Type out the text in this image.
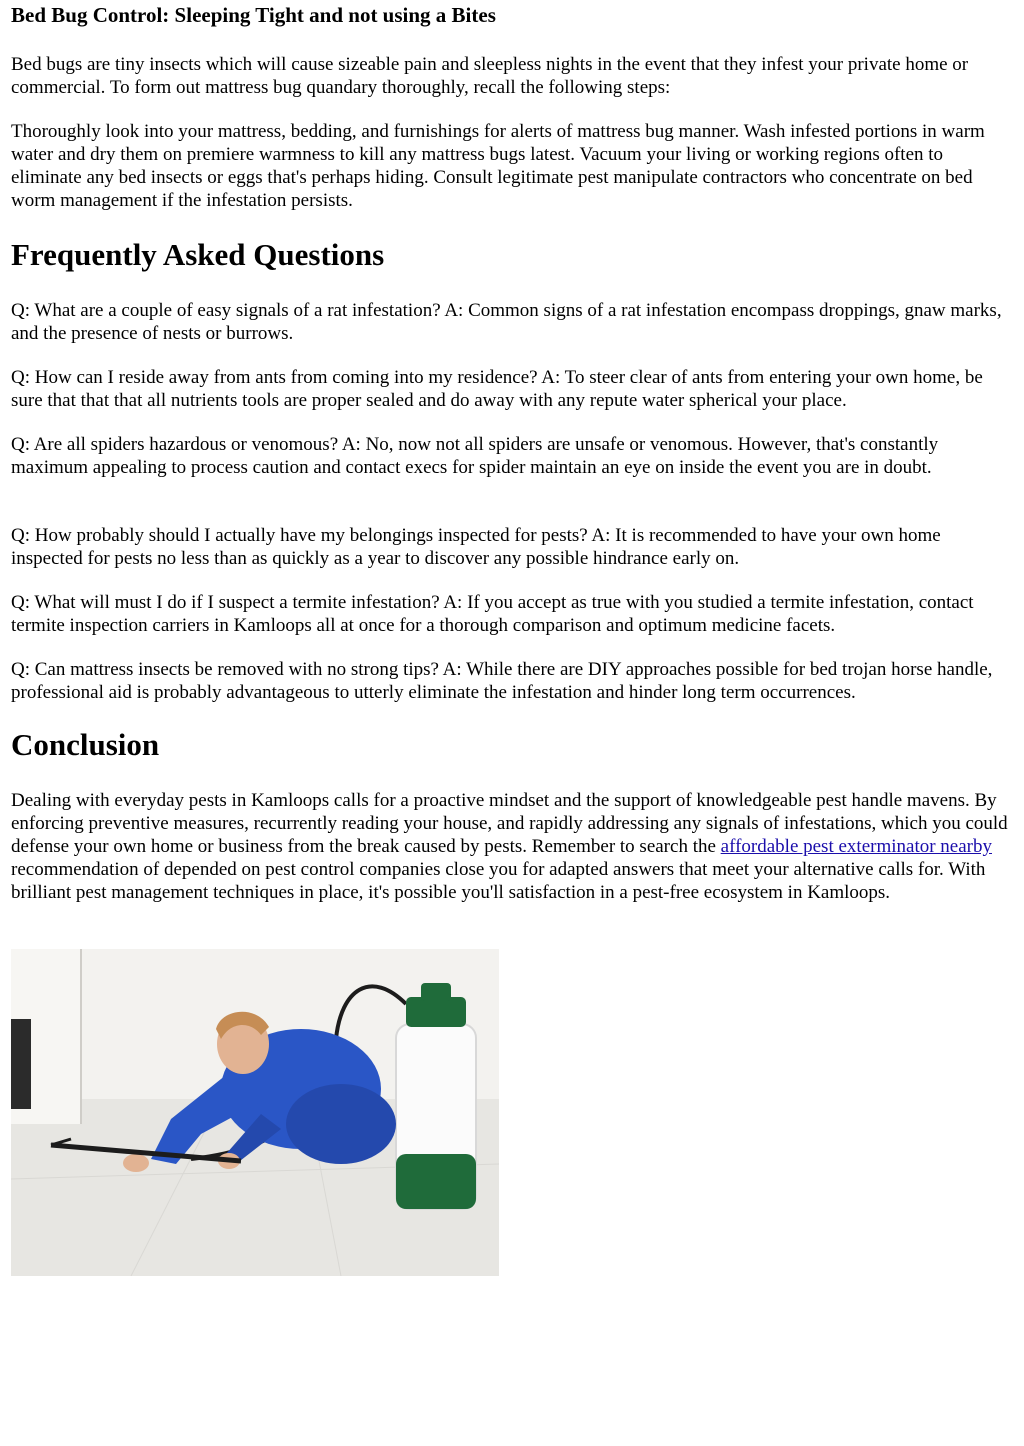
Bed Bug Control: Sleeping Tight and not using a Bites

Bed bugs are tiny insects which will cause sizeable pain and sleepless nights in the event that they infest your private home or commercial. To form out mattress bug quandary thoroughly, recall the following steps:

Thoroughly look into your mattress, bedding, and furnishings for alerts of mattress bug manner. Wash infested portions in warm water and dry them on premiere warmness to kill any mattress bugs latest. Vacuum your living or working regions often to eliminate any bed insects or eggs that's perhaps hiding. Consult legitimate pest manipulate contractors who concentrate on bed worm management if the infestation persists.

Frequently Asked Questions

Q: What are a couple of easy signals of a rat infestation? A: Common signs of a rat infestation encompass droppings, gnaw marks, and the presence of nests or burrows.

Q: How can I reside away from ants from coming into my residence? A: To steer clear of ants from entering your own home, be sure that that that all nutrients tools are proper sealed and do away with any repute water spherical your place.

Q: Are all spiders hazardous or venomous? A: No, now not all spiders are unsafe or venomous. However, that's constantly maximum appealing to process caution and contact execs for spider maintain an eye on inside the event you are in doubt.

Q: How probably should I actually have my belongings inspected for pests? A: It is recommended to have your own home inspected for pests no less than as quickly as a year to discover any possible hindrance early on.

Q: What will must I do if I suspect a termite infestation? A: If you accept as true with you studied a termite infestation, contact termite inspection carriers in Kamloops all at once for a thorough comparison and optimum medicine facets.

Q: Can mattress insects be removed with no strong tips? A: While there are DIY approaches possible for bed trojan horse handle, professional aid is probably advantageous to utterly eliminate the infestation and hinder long term occurrences.

Conclusion

Dealing with everyday pests in Kamloops calls for a proactive mindset and the support of knowledgeable pest handle mavens. By enforcing preventive measures, recurrently reading your house, and rapidly addressing any signals of infestations, which you could defense your own home or business from the break caused by pests. Remember to search the affordable pest exterminator nearby recommendation of depended on pest control companies close you for adapted answers that meet your alternative calls for. With brilliant pest management techniques in place, it's possible you'll satisfaction in a pest-free ecosystem in Kamloops.
